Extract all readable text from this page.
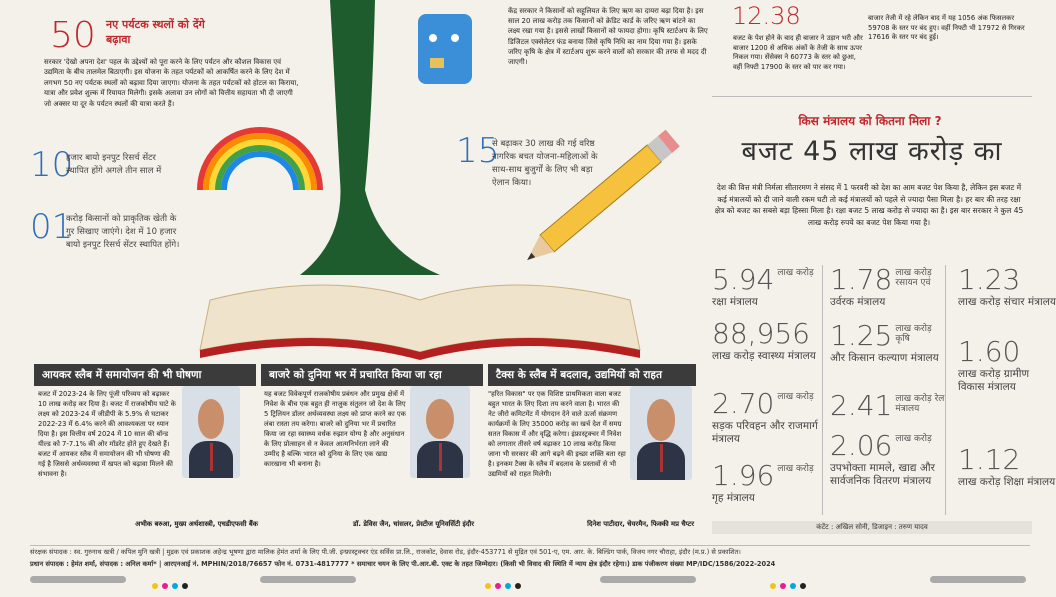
50 नए पर्यटक स्थलों को देंगे बढ़ावा
सरकार 'देखो अपना देश' पहल के उद्देश्यों को पूरा करने के लिए पर्यटन और कौशल विकास एवं उद्यमिता के बीच तालमेल बिठाएगी। इस योजना के तहत पर्यटकों को आकर्षित करने के लिए देश में लगभग 50 नए पर्यटक स्थलों को बढ़ावा दिया जाएगा। योजना के तहत पर्यटकों को होटल का किराया, यात्रा और प्रवेश शुल्क में रियायत मिलेगी। इसके अलावा उन लोगों को वित्तीय सहायता भी दी जाएगी जो अक्सर या दूर के पर्यटन स्थलों की यात्रा करते हैं।
10
हजार बायो इनपुट रिसर्च सेंटर स्थापित होंगे अगले तीन साल में
01
करोड़ किसानों को प्राकृतिक खेती के गुर सिखाए जाएंगे। देश में 10 हजार बायो इनपुट रिसर्च सेंटर स्थापित होंगे।
केंद्र सरकार ने किसानों को सहूलियत के लिए ऋण का दायरा बढ़ा दिया है। इस साल 20 लाख करोड़ तक किसानों को क्रेडिट कार्ड के जरिए ऋण बांटने का लक्ष्य रखा गया है। इससे लाखों किसानों को फायदा होगा। कृषि स्टार्टअप के लिए डिजिटल एक्सेलेटर फंड बनाया जिसे कृषि निधि का नाम दिया गया है। इसके जरिए कृषि के क्षेत्र में स्टार्टअप शुरू करने वालों को सरकार की तरफ से मदद दी जाएगी।
15
से बढ़ाकर 30 लाख की गई वरिष्ठ नागरिक बचत योजना-महिलाओं के साथ-साथ बुजुर्गों के लिए भी बड़ा ऐलान किया।
12.38
बजट के पेश होने के बाद ही बाजार ने उड़ान भरी और बाजार 1200 से अधिक अंकों के तेजी के साथ ऊपर निकल गया। सेंसेक्स ने 60773 के स्तर को छुआ, वहीं निफ्टी 17900 के स्तर को पार कर गया।
बाजार तेजी में रहे लेकिन बाद में यह 1056 अंक फिसलकर 59708 के स्तर पर बंद हुए। वहीं निफ्टी भी 17972 से गिरकर 17616 के स्तर पर बंद हुई।
किस मंत्रालय को कितना मिला ?
बजट 45 लाख करोड़ का
देश की वित्त मंत्री निर्मला सीतारमण ने संसद में 1 फरवरी को देश का आम बजट पेश किया है, लेकिन इस बजट में कई मंत्रालयों को दी जाने वाली रकम घटी तो कई मंत्रालयों को पहले से ज्यादा पैसा मिला है। हर बार की तरह रक्षा क्षेत्र को बजट का सबसे बड़ा हिस्सा मिला है। रक्षा बजट 5 लाख करोड़ से ज्यादा का है। इस बार सरकार ने कुल 45 लाख करोड़ रुपये का बजट पेश किया गया है।
5.94 लाख करोड़
रक्षा मंत्रालय
88,956
लाख करोड़ स्वास्थ्य मंत्रालय
2.70 लाख करोड़
सड़क परिवहन और राजमार्ग मंत्रालय
1.96 लाख करोड़
गृह मंत्रालय
1.78 लाख करोड़ रसायन एवं
उर्वरक मंत्रालय
1.25 लाख करोड़ कृषि
और किसान कल्याण मंत्रालय
2.41 लाख करोड़ रेल मंत्रालय
2.06 लाख करोड़
उपभोक्ता मामले, खाद्य और सार्वजनिक वितरण मंत्रालय
1.23
लाख करोड़ संचार मंत्रालय
1.60
लाख करोड़ ग्रामीण विकास मंत्रालय
1.12
लाख करोड़ शिक्षा मंत्रालय
कंटेंट : अखिल सोनी, डिजाइन : तरुण यादव
आयकर स्लैब में समायोजन की भी घोषणा	बाजरे को दुनिया भर में प्रचारित किया जा रहा	टैक्स के स्लैब में बदलाव, उद्यमियों को राहत
बजट में 2023-24 के लिए पूंजी परिव्यय को बढ़ाकर 10 लाख करोड़ कर दिया है। बजट में राजकोषीय घाटे के लक्ष्य को 2023-24 में जीडीपी के 5.9% से घटाकर 2022-23 में 6.4% करने की आवश्यकता पर ध्यान दिया है। इस वित्तीय वर्ष 2024 में 10 साल की बॉन्ड यील्ड को 7-7.1% की ओर मॉडरेट होते हुए देखते हैं। बजट में आयकर स्लैब में समायोजन की भी घोषणा की गई है जिससे अर्थव्यवस्था में खपत को बढ़ावा मिलने की संभावना है।
अभीक बरुआ, मुख्य अर्थशास्त्री, एचडीएफसी बैंक
यह बजट विवेकपूर्ण राजकोषीय प्रबंधन और प्रमुख क्षेत्रों में निवेश के बीच एक बहुत ही नाजुक संतुलन जो देश के लिए 5 ट्रिलियन डॉलर अर्थव्यवस्था लक्ष्य को प्राप्त करने का एक लंबा रास्ता तय करेगा। बाजरे को दुनिया भर में प्रचारित किया जा रहा स्वास्थ्य वर्धक रुझान योग्य है और अनुसंधान के लिए प्रोत्साहन से न केवल आत्मनिर्भरता लाने की उम्मीद है बल्कि भारत को दुनिया के लिए एक खाद्य कारखाना भी बनाना है।
डॉ. डेविस जैन, चांसलर, प्रेस्टीज यूनिवर्सिटी इंदौर
"हरित विकास" पर एक विशिष्ट प्राथमिकता वाला बजट बहुत भारत के लिए दिशा तय करने वाला है। भारत की नेट जीरो कमिटमेंट में योगदान देने वाले ऊर्जा संक्रमण कार्यक्रमों के लिए 35000 करोड़ का खर्च देश में समग्र सतत विकास में और वृद्धि करेगा। इंफ्रास्ट्रक्चर में निवेश को लगातार तीसरे वर्ष बढ़ाकर 10 लाख करोड़ किया जाना भी सरकार की आगे बढ़ने की इच्छा शक्ति बता रहा है। इनकम टैक्स के स्लैब में बदलाव के प्रस्तावों से भी उद्यमियों को राहत मिलेगी।
दिनेश पाटीदार, चेयरमैन, फिक्की मप्र चैप्टर
संरक्षक संपादक : स्व. गुरुनाथ खत्री / कपिल मुनि खत्री | मुद्रक एवं प्रकाशक अहेन्द्र भूषणा द्वारा मालिक हेमंत शर्मा के लिए पी.जी. इन्फ्रास्ट्रक्चर एंड सर्विस प्रा.लि., राजकोट, देवास रोड, इंदौर-453771 से मुद्रित एवं 501-ए, एम. आर. के. बिल्डिंग पार्क, विजय नगर चौराहा, इंदौर (म.प्र.) से प्रकाशित।
प्रधान संपादक : हेमंत शर्मा, संपादक : अनिल कर्मा* | आरएनआई नं. MPHIN/2018/76657 फोन नं. 0731-4817777 * समाचार चयन के लिए पी.आर.बी. एक्ट के तहत जिम्मेदार। (किसी भी विवाद की स्थिति में न्याय क्षेत्र इंदौर रहेगा।) डाक पंजीकरण संख्या MP/IDC/1586/2022-2024
